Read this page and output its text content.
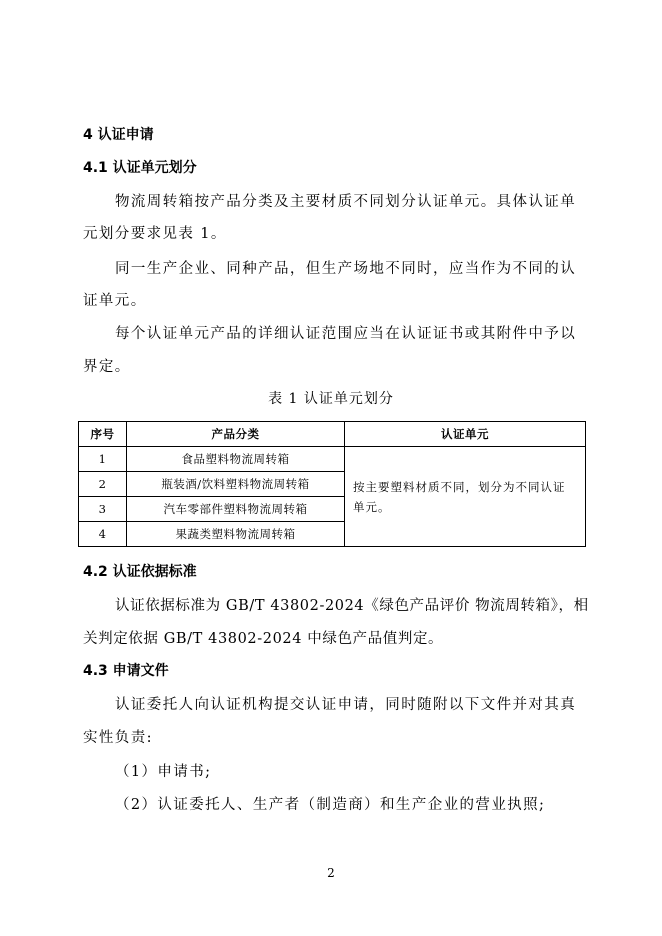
4 认证申请
4.1 认证单元划分
物流周转箱按产品分类及主要材质不同划分认证单元。具体认证单
元划分要求见表 1。
同一生产企业、同种产品，但生产场地不同时，应当作为不同的认
证单元。
每个认证单元产品的详细认证范围应当在认证证书或其附件中予以
界定。
表 1 认证单元划分
序号	产品分类	认证单元
1	食品塑料物流周转箱	按主要塑料材质不同，划分为不同认证单元。
2	瓶装酒/饮料塑料物流周转箱	
3	汽车零部件塑料物流周转箱	
4	果蔬类塑料物流周转箱	
4.2 认证依据标准
认证依据标准为 GB/T 43802-2024《绿色产品评价 物流周转箱》，相
关判定依据 GB/T 43802-2024 中绿色产品值判定。
4.3 申请文件
认证委托人向认证机构提交认证申请，同时随附以下文件并对其真
实性负责:
（1）申请书;
（2）认证委托人、生产者（制造商）和生产企业的营业执照;
2
